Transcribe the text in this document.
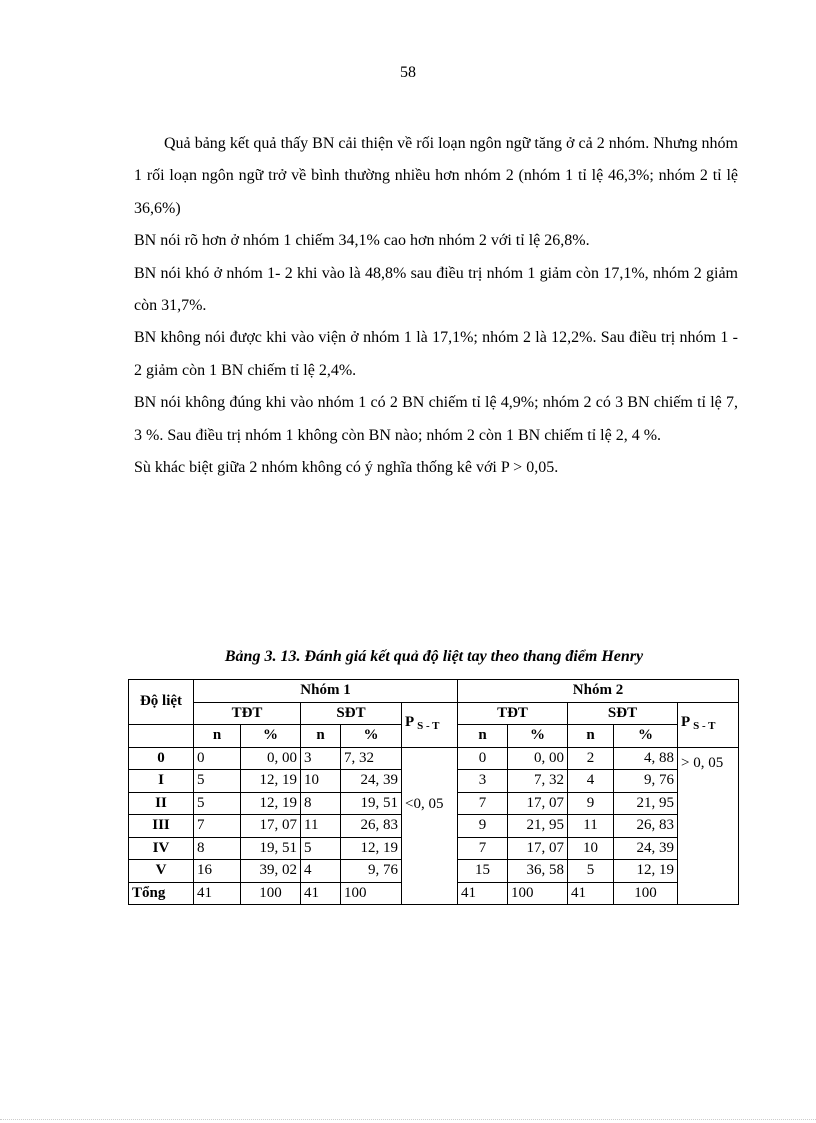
58

Quả bảng kết quả thấy BN cải thiện về rối loạn ngôn ngữ tăng ở cả 2 nhóm. Nhưng nhóm 1 rối loạn ngôn ngữ trở về bình thường nhiều hơn nhóm 2 (nhóm 1 tỉ lệ 46,3%; nhóm 2 tỉ lệ 36,6%)

BN nói rõ hơn ở nhóm 1 chiếm 34,1% cao hơn nhóm 2 với tỉ lệ 26,8%.

BN nói khó ở nhóm 1- 2 khi vào là 48,8% sau điều trị nhóm 1 giảm còn 17,1%, nhóm 2 giảm còn 31,7%.

BN không nói được khi vào viện ở nhóm 1 là 17,1%; nhóm 2 là 12,2%. Sau điều trị nhóm 1 - 2 giảm còn 1 BN chiếm tỉ lệ 2,4%.

BN nói không đúng khi vào nhóm 1 có 2 BN chiếm tỉ lệ 4,9%; nhóm 2 có 3 BN chiếm tỉ lệ 7, 3 %. Sau điều trị nhóm 1 không còn BN nào; nhóm 2 còn 1 BN chiếm tỉ lệ 2, 4 %.

Sù khác biệt giữa 2 nhóm không có ý nghĩa thống kê với P > 0,05.

Bảng 3. 13. Đánh giá kết quả độ liệt tay theo thang điểm Henry
Độ liệt	Nhóm 1					Nhóm 2				
	TĐT		SĐT		P $_{S - T}$	TĐT		SĐT		P $_{S - T}$
	n	%	n	%		n	%	n	%	
0	0	0, 00	3	7, 32	<0, 05	0	0, 00	2	4, 88	> 0, 05
I	5	12, 19	10	24, 39		3	7, 32	4	9, 76	
II	5	12, 19	8	19, 51		7	17, 07	9	21, 95	
III	7	17, 07	11	26, 83		9	21, 95	11	26, 83	
IV	8	19, 51	5	12, 19		7	17, 07	10	24, 39	
V	16	39, 02	4	9, 76		15	36, 58	5	12, 19	
Tổng	41	100	41	100		41	100	41	100	
